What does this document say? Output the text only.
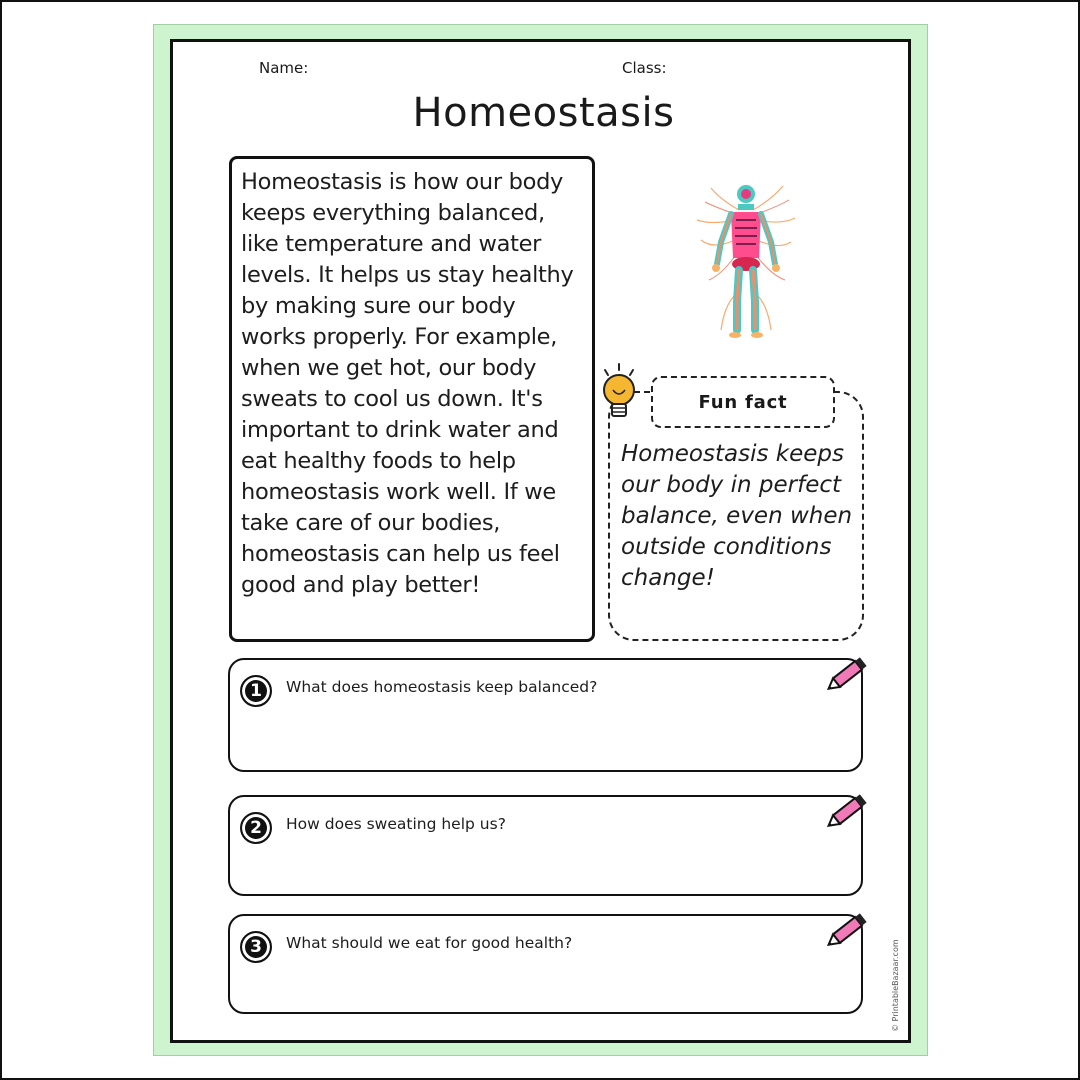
Name:	Class:
Homeostasis

Homeostasis is how our body keeps everything balanced, like temperature and water levels. It helps us stay healthy by making sure our body works properly. For example, when we get hot, our body sweats to cool us down. It's important to drink water and eat healthy foods to help homeostasis work well. If we take care of our bodies, homeostasis can help us feel good and play better!

Fun fact

Homeostasis keeps our body in perfect balance, even when outside conditions change!

1	What does homeostasis keep balanced?
2	How does sweating help us?
3	What should we eat for good health?	© PrintableBazaar.com
